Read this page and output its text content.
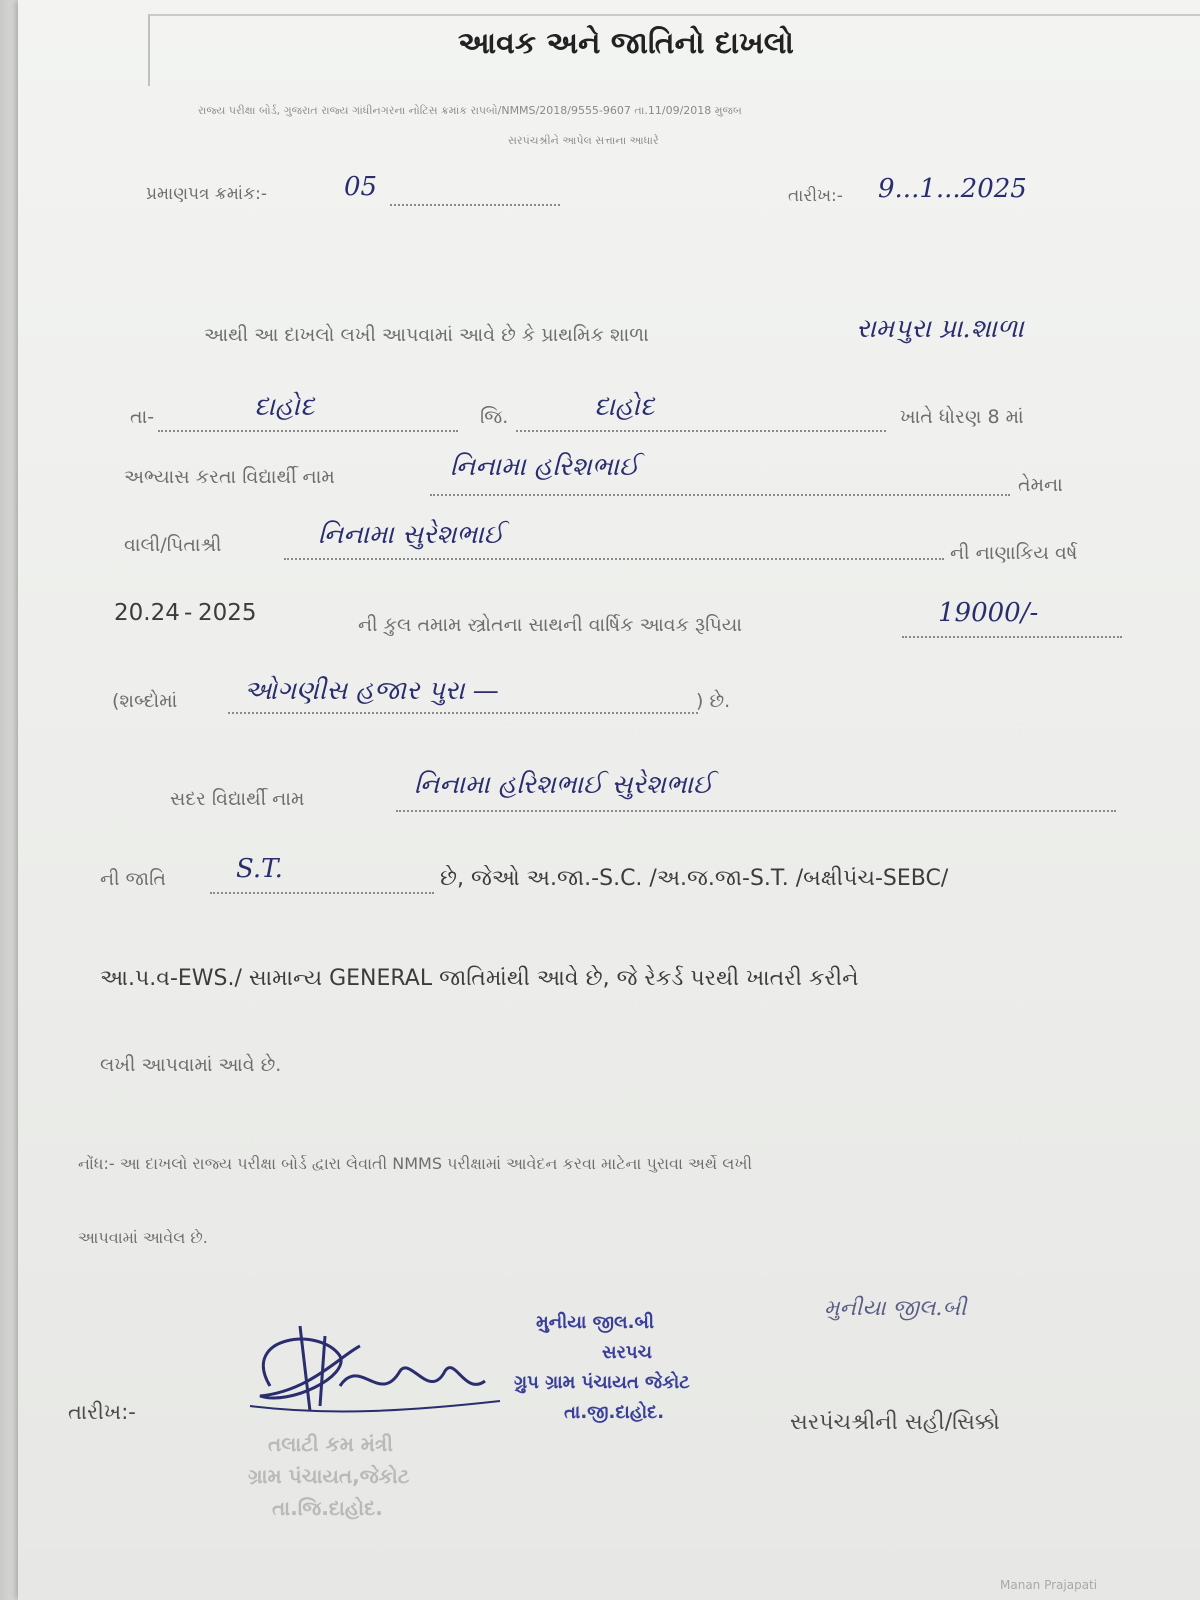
આવક અને જાતિનો દાખલો
રાજ્ય પરીક્ષા બોર્ડ, ગુજરાત રાજ્ય ગાંધીનગરના નોટિસ ક્રમાંક રાપબો/NMMS/2018/9555-9607 તા.11/09/2018 મુજબ
સરપંચશ્રીને આપેલ સત્તાના આધારે
પ્રમાણપત્ર ક્રમાંક:-	05	તારીખ:- 9...1...2025
આથી આ દાખલો લખી આપવામાં આવે છે કે પ્રાથમિક શાળા	રામપુરા પ્રા.શાળા
તા-	દાહોદ	જિ.	દાહોદ	ખાતે ધોરણ 8 માં
અભ્યાસ કરતા વિદ્યાર્થી નામ	નિનામા હરિશભાઈ
તેમના
વાલી/પિતાશ્રી	નિનામા સુરેશભાઈ
ની નાણાકિય વર્ષ
20.24 - 2025	ની કુલ તમામ સ્ત્રોતના સાથની વાર્ષિક આવક રૂપિયા	19000/-
(શબ્દોમાં	ઓગણીસ હજાર પુરા —	) છે.
સદર વિદ્યાર્થી નામ	નિનામા હરિશભાઈ સુરેશભાઈ
ની જાતિ	S.T.	છે, જેઓ અ.જા.-S.C. /અ.જ.જા-S.T. /બક્ષીપંચ-SEBC/
આ.પ.વ-EWS./ સામાન્ય GENERAL જાતિમાંથી આવે છે, જે રેકર્ડ પરથી ખાતરી કરીને
લખી આપવામાં આવે છે.
નોંધ:- આ દાખલો રાજ્ય પરીક્ષા બોર્ડ દ્વારા લેવાતી NMMS પરીક્ષામાં આવેદન કરવા માટેના પુરાવા અર્થે લખી
આપવામાં આવેલ છે.
તારીખ:-
તલાટી કમ મંત્રી
ગ્રામ પંચાયત,જેકોટ
તા.જિ.દાહોદ.
મુનીયા જીલ.બી
સરપચ
ગ્રુપ ગ્રામ પંચાયત જેકોટ
તા.જી.દાહોદ.
મુનીયા જીલ.બી
સરપંચશ્રીની સહી/સિક્કો
Manan Prajapati
